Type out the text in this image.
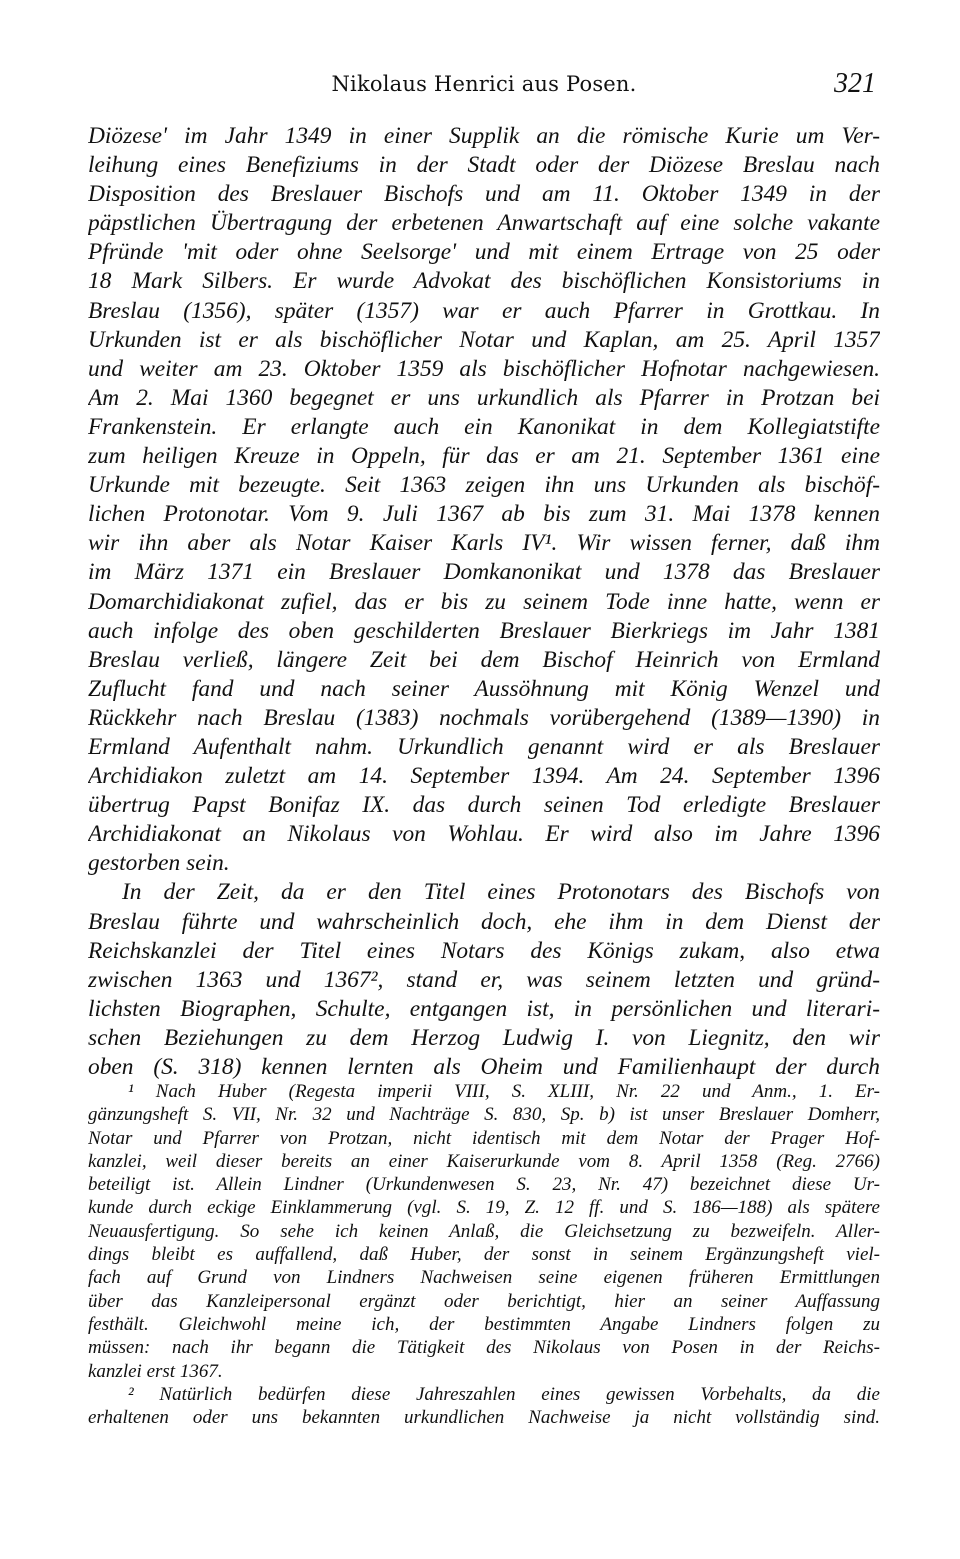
Nikolaus Henrici aus Posen.	321
Diözese' im Jahr 1349 in einer Supplik an die römische Kurie um Ver-
leihung eines Benefiziums in der Stadt oder der Diözese Breslau nach
Disposition des Breslauer Bischofs und am 11. Oktober 1349 in der
päpstlichen Übertragung der erbetenen Anwartschaft auf eine solche vakante
Pfründe 'mit oder ohne Seelsorge' und mit einem Ertrage von 25 oder
18 Mark Silbers. Er wurde Advokat des bischöflichen Konsistoriums in
Breslau (1356), später (1357) war er auch Pfarrer in Grottkau. In
Urkunden ist er als bischöflicher Notar und Kaplan, am 25. April 1357
und weiter am 23. Oktober 1359 als bischöflicher Hofnotar nachgewiesen.
Am 2. Mai 1360 begegnet er uns urkundlich als Pfarrer in Protzan bei
Frankenstein. Er erlangte auch ein Kanonikat in dem Kollegiatstifte
zum heiligen Kreuze in Oppeln, für das er am 21. September 1361 eine
Urkunde mit bezeugte. Seit 1363 zeigen ihn uns Urkunden als bischöf-
lichen Protonotar. Vom 9. Juli 1367 ab bis zum 31. Mai 1378 kennen
wir ihn aber als Notar Kaiser Karls IV¹. Wir wissen ferner, daß ihm
im März 1371 ein Breslauer Domkanonikat und 1378 das Breslauer
Domarchidiakonat zufiel, das er bis zu seinem Tode inne hatte, wenn er
auch infolge des oben geschilderten Breslauer Bierkriegs im Jahr 1381
Breslau verließ, längere Zeit bei dem Bischof Heinrich von Ermland
Zuflucht fand und nach seiner Aussöhnung mit König Wenzel und
Rückkehr nach Breslau (1383) nochmals vorübergehend (1389—1390) in
Ermland Aufenthalt nahm. Urkundlich genannt wird er als Breslauer
Archidiakon zuletzt am 14. September 1394. Am 24. September 1396
übertrug Papst Bonifaz IX. das durch seinen Tod erledigte Breslauer
Archidiakonat an Nikolaus von Wohlau. Er wird also im Jahre 1396
gestorben sein.
In der Zeit, da er den Titel eines Protonotars des Bischofs von
Breslau führte und wahrscheinlich doch, ehe ihm in dem Dienst der
Reichskanzlei der Titel eines Notars des Königs zukam, also etwa
zwischen 1363 und 1367², stand er, was seinem letzten und gründ-
lichsten Biographen, Schulte, entgangen ist, in persönlichen und literari-
schen Beziehungen zu dem Herzog Ludwig I. von Liegnitz, den wir
oben (S. 318) kennen lernten als Oheim und Familienhaupt der durch
¹ Nach Huber (Regesta imperii VIII, S. XLIII, Nr. 22 und Anm., 1. Er-
gänzungsheft S. VII, Nr. 32 und Nachträge S. 830, Sp. b) ist unser Breslauer Domherr,
Notar und Pfarrer von Protzan, nicht identisch mit dem Notar der Prager Hof-
kanzlei, weil dieser bereits an einer Kaiserurkunde vom 8. April 1358 (Reg. 2766)
beteiligt ist. Allein Lindner (Urkundenwesen S. 23, Nr. 47) bezeichnet diese Ur-
kunde durch eckige Einklammerung (vgl. S. 19, Z. 12 ff. und S. 186—188) als spätere
Neuausfertigung. So sehe ich keinen Anlaß, die Gleichsetzung zu bezweifeln. Aller-
dings bleibt es auffallend, daß Huber, der sonst in seinem Ergänzungsheft viel-
fach auf Grund von Lindners Nachweisen seine eigenen früheren Ermittlungen
über das Kanzleipersonal ergänzt oder berichtigt, hier an seiner Auffassung
festhält. Gleichwohl meine ich, der bestimmten Angabe Lindners folgen zu
müssen: nach ihr begann die Tätigkeit des Nikolaus von Posen in der Reichs-
kanzlei erst 1367.
² Natürlich bedürfen diese Jahreszahlen eines gewissen Vorbehalts, da die
erhaltenen oder uns bekannten urkundlichen Nachweise ja nicht vollständig sind.
